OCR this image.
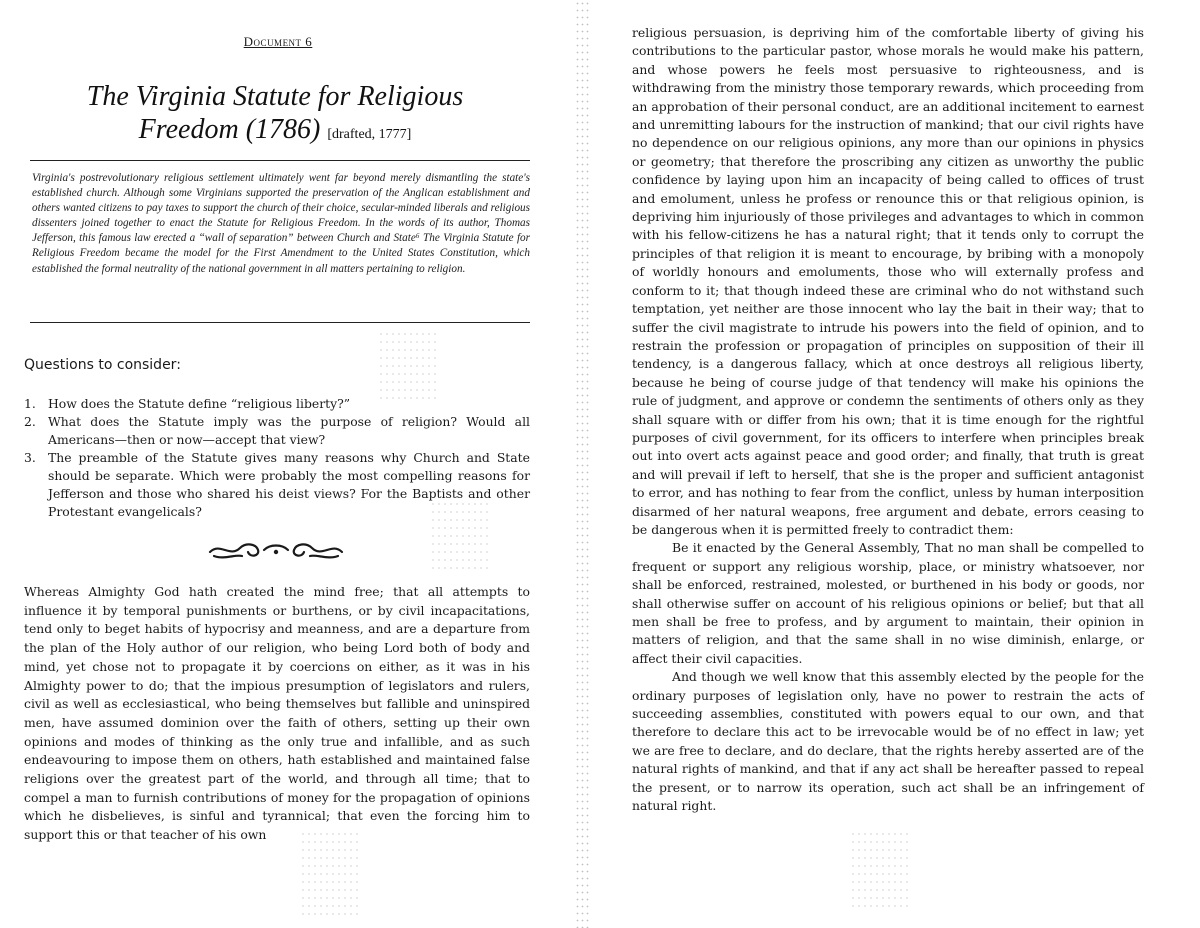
Document 6
The Virginia Statute for Religious Freedom (1786) [drafted, 1777]
Virginia's postrevolutionary religious settlement ultimately went far beyond merely dismantling the state's established church. Although some Virginians supported the preservation of the Anglican establishment and others wanted citizens to pay taxes to support the church of their choice, secular-minded liberals and religious dissenters joined together to enact the Statute for Religious Freedom. In the words of its author, Thomas Jefferson, this famous law erected a “wall of separation” between Church and State⁶ The Virginia Statute for Religious Freedom became the model for the First Amendment to the United States Constitution, which established the formal neutrality of the national government in all matters pertaining to religion.
Questions to consider:
1. How does the Statute define “religious liberty?”
2. What does the Statute imply was the purpose of religion? Would all Americans—then or now—accept that view?
3. The preamble of the Statute gives many reasons why Church and State should be separate. Which were probably the most compelling reasons for Jefferson and those who shared his deist views? For the Baptists and other Protestant evangelicals?
Whereas Almighty God hath created the mind free; that all attempts to influence it by temporal punishments or burthens, or by civil incapacitations, tend only to beget habits of hypocrisy and meanness, and are a departure from the plan of the Holy author of our religion, who being Lord both of body and mind, yet chose not to propagate it by coercions on either, as it was in his Almighty power to do; that the impious presumption of legislators and rulers, civil as well as ecclesiastical, who being themselves but fallible and uninspired men, have assumed dominion over the faith of others, setting up their own opinions and modes of thinking as the only true and infallible, and as such endeavouring to impose them on others, hath established and maintained false religions over the greatest part of the world, and through all time; that to compel a man to furnish contributions of money for the propagation of opinions which he disbelieves, is sinful and tyrannical; that even the forcing him to support this or that teacher of his own

religious persuasion, is depriving him of the comfortable liberty of giving his contributions to the particular pastor, whose morals he would make his pattern, and whose powers he feels most persuasive to righteousness, and is withdrawing from the ministry those temporary rewards, which proceeding from an approbation of their personal conduct, are an additional incitement to earnest and unremitting labours for the instruction of mankind; that our civil rights have no dependence on our religious opinions, any more than our opinions in physics or geometry; that therefore the proscribing any citizen as unworthy the public confidence by laying upon him an incapacity of being called to offices of trust and emolument, unless he profess or renounce this or that religious opinion, is depriving him injuriously of those privileges and advantages to which in common with his fellow-citizens he has a natural right; that it tends only to corrupt the principles of that religion it is meant to encourage, by bribing with a monopoly of worldly honours and emoluments, those who will externally profess and conform to it; that though indeed these are criminal who do not withstand such temptation, yet neither are those innocent who lay the bait in their way; that to suffer the civil magistrate to intrude his powers into the field of opinion, and to restrain the profession or propagation of principles on supposition of their ill tendency, is a dangerous fallacy, which at once destroys all religious liberty, because he being of course judge of that tendency will make his opinions the rule of judgment, and approve or condemn the sentiments of others only as they shall square with or differ from his own; that it is time enough for the rightful purposes of civil government, for its officers to interfere when principles break out into overt acts against peace and good order; and finally, that truth is great and will prevail if left to herself, that she is the proper and sufficient antagonist to error, and has nothing to fear from the conflict, unless by human interposition disarmed of her natural weapons, free argument and debate, errors ceasing to be dangerous when it is permitted freely to contradict them:

Be it enacted by the General Assembly, That no man shall be compelled to frequent or support any religious worship, place, or ministry whatsoever, nor shall be enforced, restrained, molested, or burthened in his body or goods, nor shall otherwise suffer on account of his religious opinions or belief; but that all men shall be free to profess, and by argument to maintain, their opinion in matters of religion, and that the same shall in no wise diminish, enlarge, or affect their civil capacities.

And though we well know that this assembly elected by the people for the ordinary purposes of legislation only, have no power to restrain the acts of succeeding assemblies, constituted with powers equal to our own, and that therefore to declare this act to be irrevocable would be of no effect in law; yet we are free to declare, and do declare, that the rights hereby asserted are of the natural rights of mankind, and that if any act shall be hereafter passed to repeal the present, or to narrow its operation, such act shall be an infringement of natural right.
